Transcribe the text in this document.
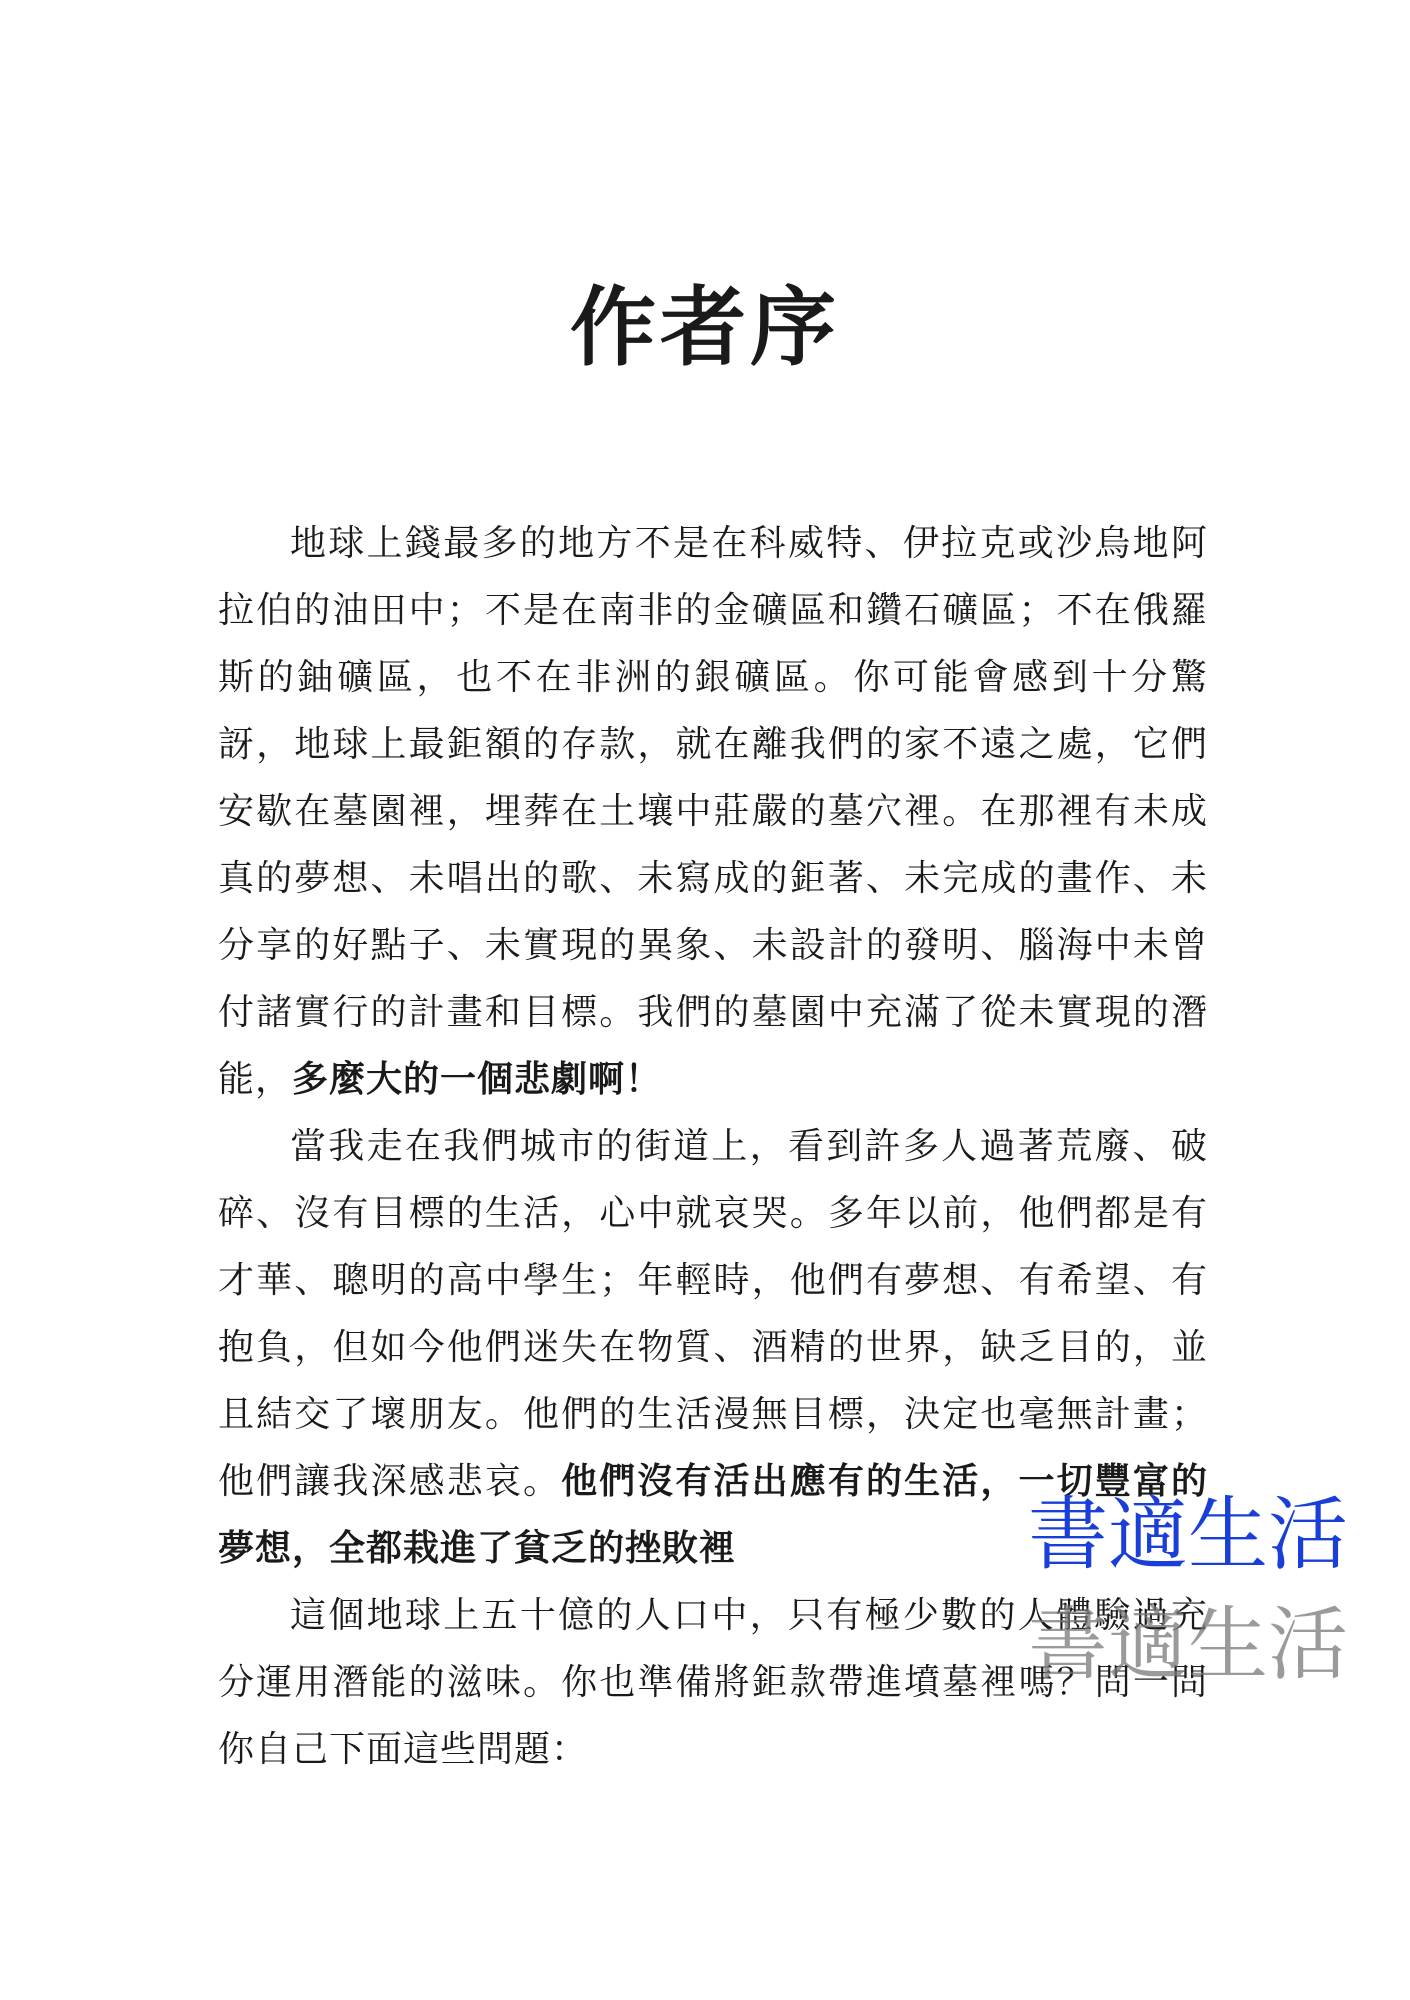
作者序

地球上錢最多的地方不是在科威特、伊拉克或沙烏地阿拉伯的油田中；不是在南非的金礦區和鑽石礦區；不在俄羅斯的鈾礦區，也不在非洲的銀礦區。你可能會感到十分驚訝，地球上最鉅額的存款，就在離我們的家不遠之處，它們安歇在墓園裡，埋葬在土壤中莊嚴的墓穴裡。在那裡有未成真的夢想、未唱出的歌、未寫成的鉅著、未完成的畫作、未分享的好點子、未實現的異象、未設計的發明、腦海中未曾付諸實行的計畫和目標。我們的墓園中充滿了從未實現的潛能，多麼大的一個悲劇啊！

當我走在我們城市的街道上，看到許多人過著荒廢、破碎、沒有目標的生活，心中就哀哭。多年以前，他們都是有才華、聰明的高中學生；年輕時，他們有夢想、有希望、有抱負，但如今他們迷失在物質、酒精的世界，缺乏目的，並且結交了壞朋友。他們的生活漫無目標，決定也毫無計畫；他們讓我深感悲哀。他們沒有活出應有的生活，一切豐富的夢想，全都栽進了貧乏的挫敗裡

這個地球上五十億的人口中，只有極少數的人體驗過充分運用潛能的滋味。你也準備將鉅款帶進墳墓裡嗎？問一問你自己下面這些問題：

書適生活
書適生活
